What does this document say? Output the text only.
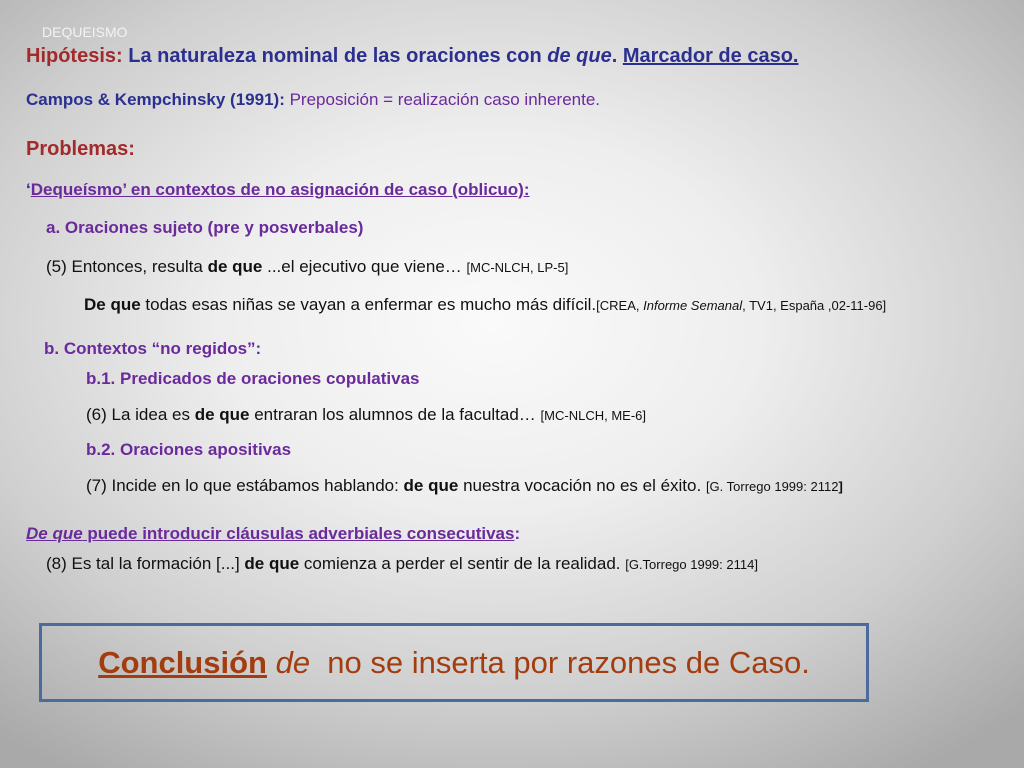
DEQUEISMO
Hipótesis: La naturaleza nominal de las oraciones con de que. Marcador de caso.
Campos & Kempchinsky (1991): Preposición = realización caso inherente.
Problemas:
‘Dequeísmo’ en contextos de no asignación de caso (oblicuo):
a. Oraciones sujeto (pre y posverbales)
(5) Entonces, resulta de que ...el ejecutivo que viene… [MC-NLCH, LP-5]
De que todas esas niñas se vayan a enfermar es mucho más difícil.[CREA, Informe Semanal, TV1, España ,02-11-96]
b. Contextos “no regidos”:
b.1. Predicados de oraciones copulativas
(6) La idea es de que entraran los alumnos de la facultad… [MC-NLCH, ME-6]
b.2. Oraciones apositivas
(7) Incide en lo que estábamos hablando: de que nuestra vocación no es el éxito. [G. Torrego 1999: 2112]
De que puede introducir cláusulas adverbiales consecutivas:
(8) Es tal la formación [...] de que comienza a perder el sentir de la realidad. [G.Torrego 1999: 2114]
Conclusión
de no se inserta por razones de Caso.
